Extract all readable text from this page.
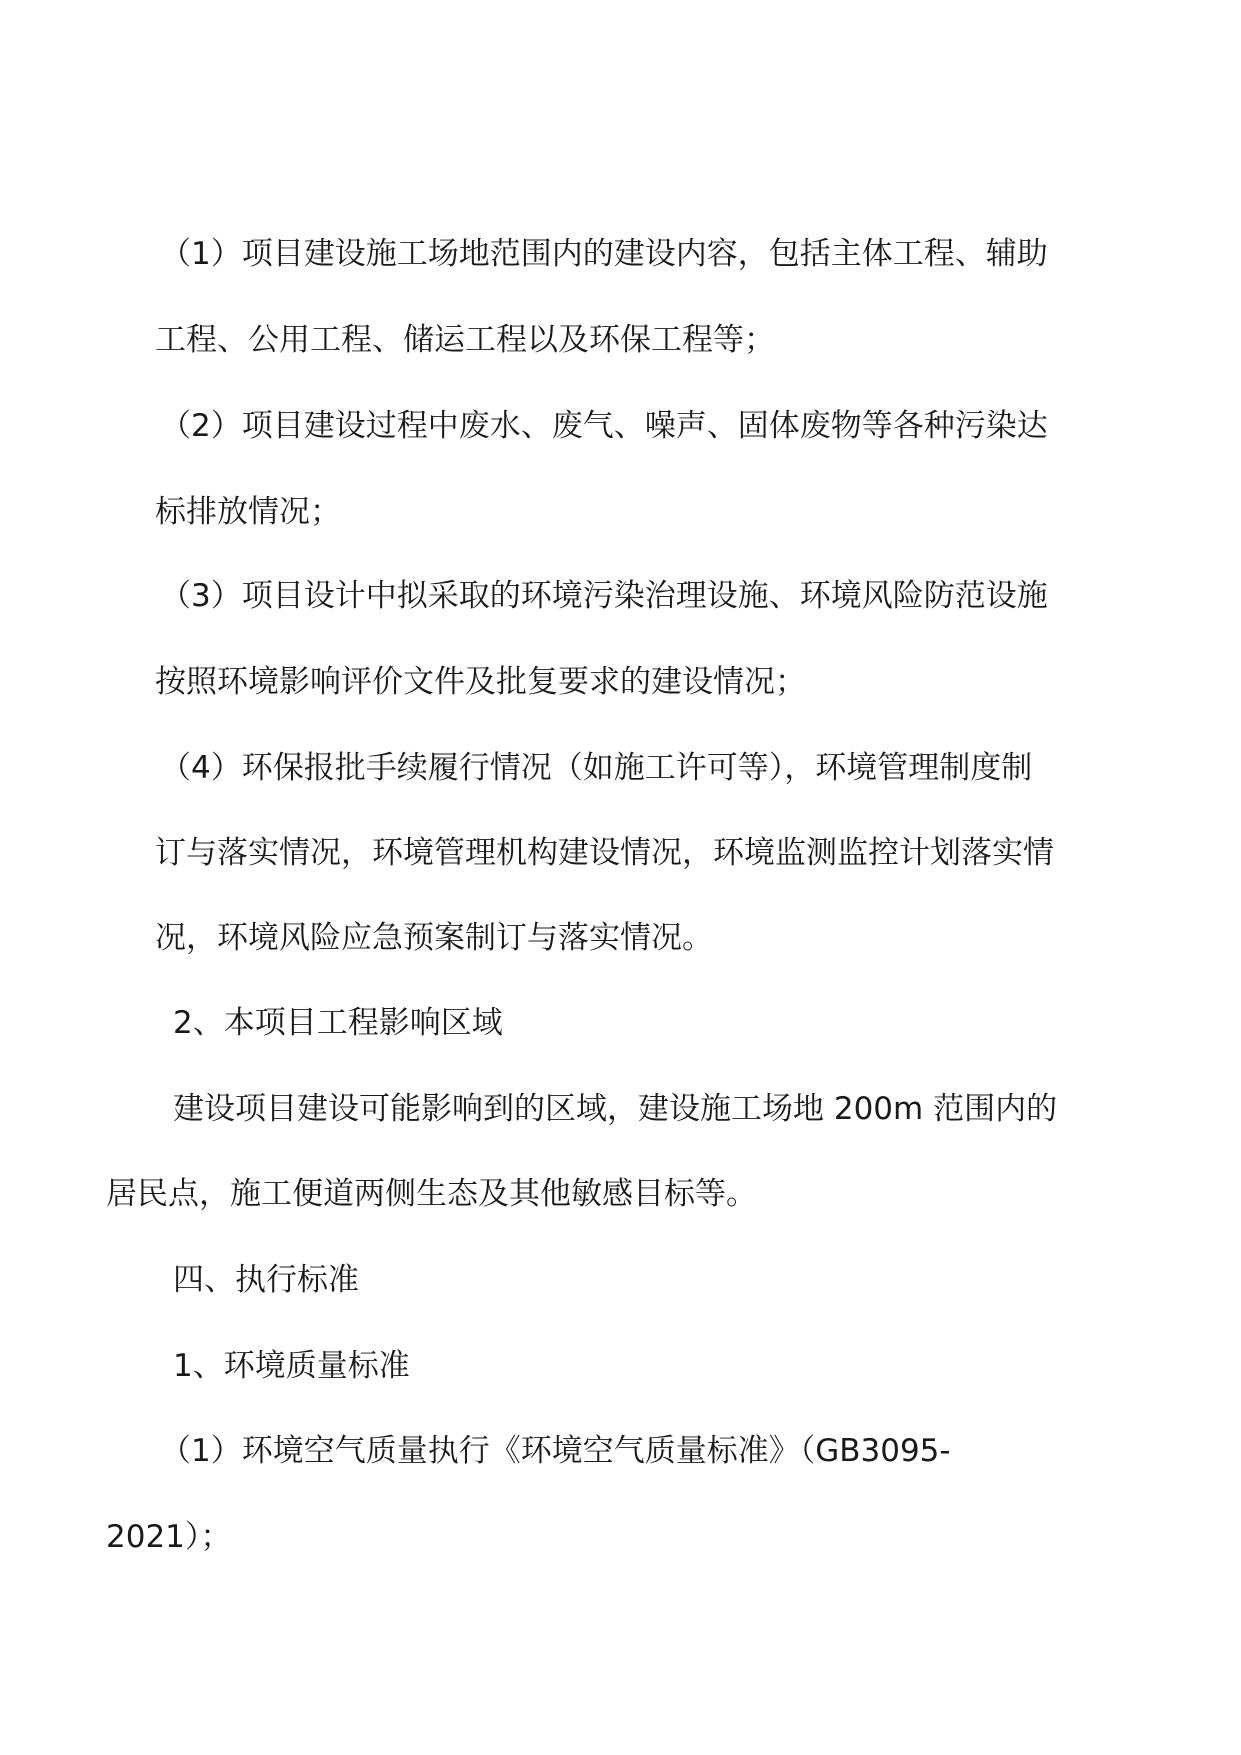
（1）项目建设施工场地范围内的建设内容，包括主体工程、辅助
工程、公用工程、储运工程以及环保工程等；
（2）项目建设过程中废水、废气、噪声、固体废物等各种污染达
标排放情况；
（3）项目设计中拟采取的环境污染治理设施、环境风险防范设施
按照环境影响评价文件及批复要求的建设情况；
（4）环保报批手续履行情况（如施工许可等），环境管理制度制
订与落实情况，环境管理机构建设情况，环境监测监控计划落实情
况，环境风险应急预案制订与落实情况。
2、本项目工程影响区域
建设项目建设可能影响到的区域，建设施工场地 200m 范围内的
居民点，施工便道两侧生态及其他敏感目标等。
四、执行标准
1、环境质量标准
（1）环境空气质量执行《环境空气质量标准》（GB3095-
2021）；
